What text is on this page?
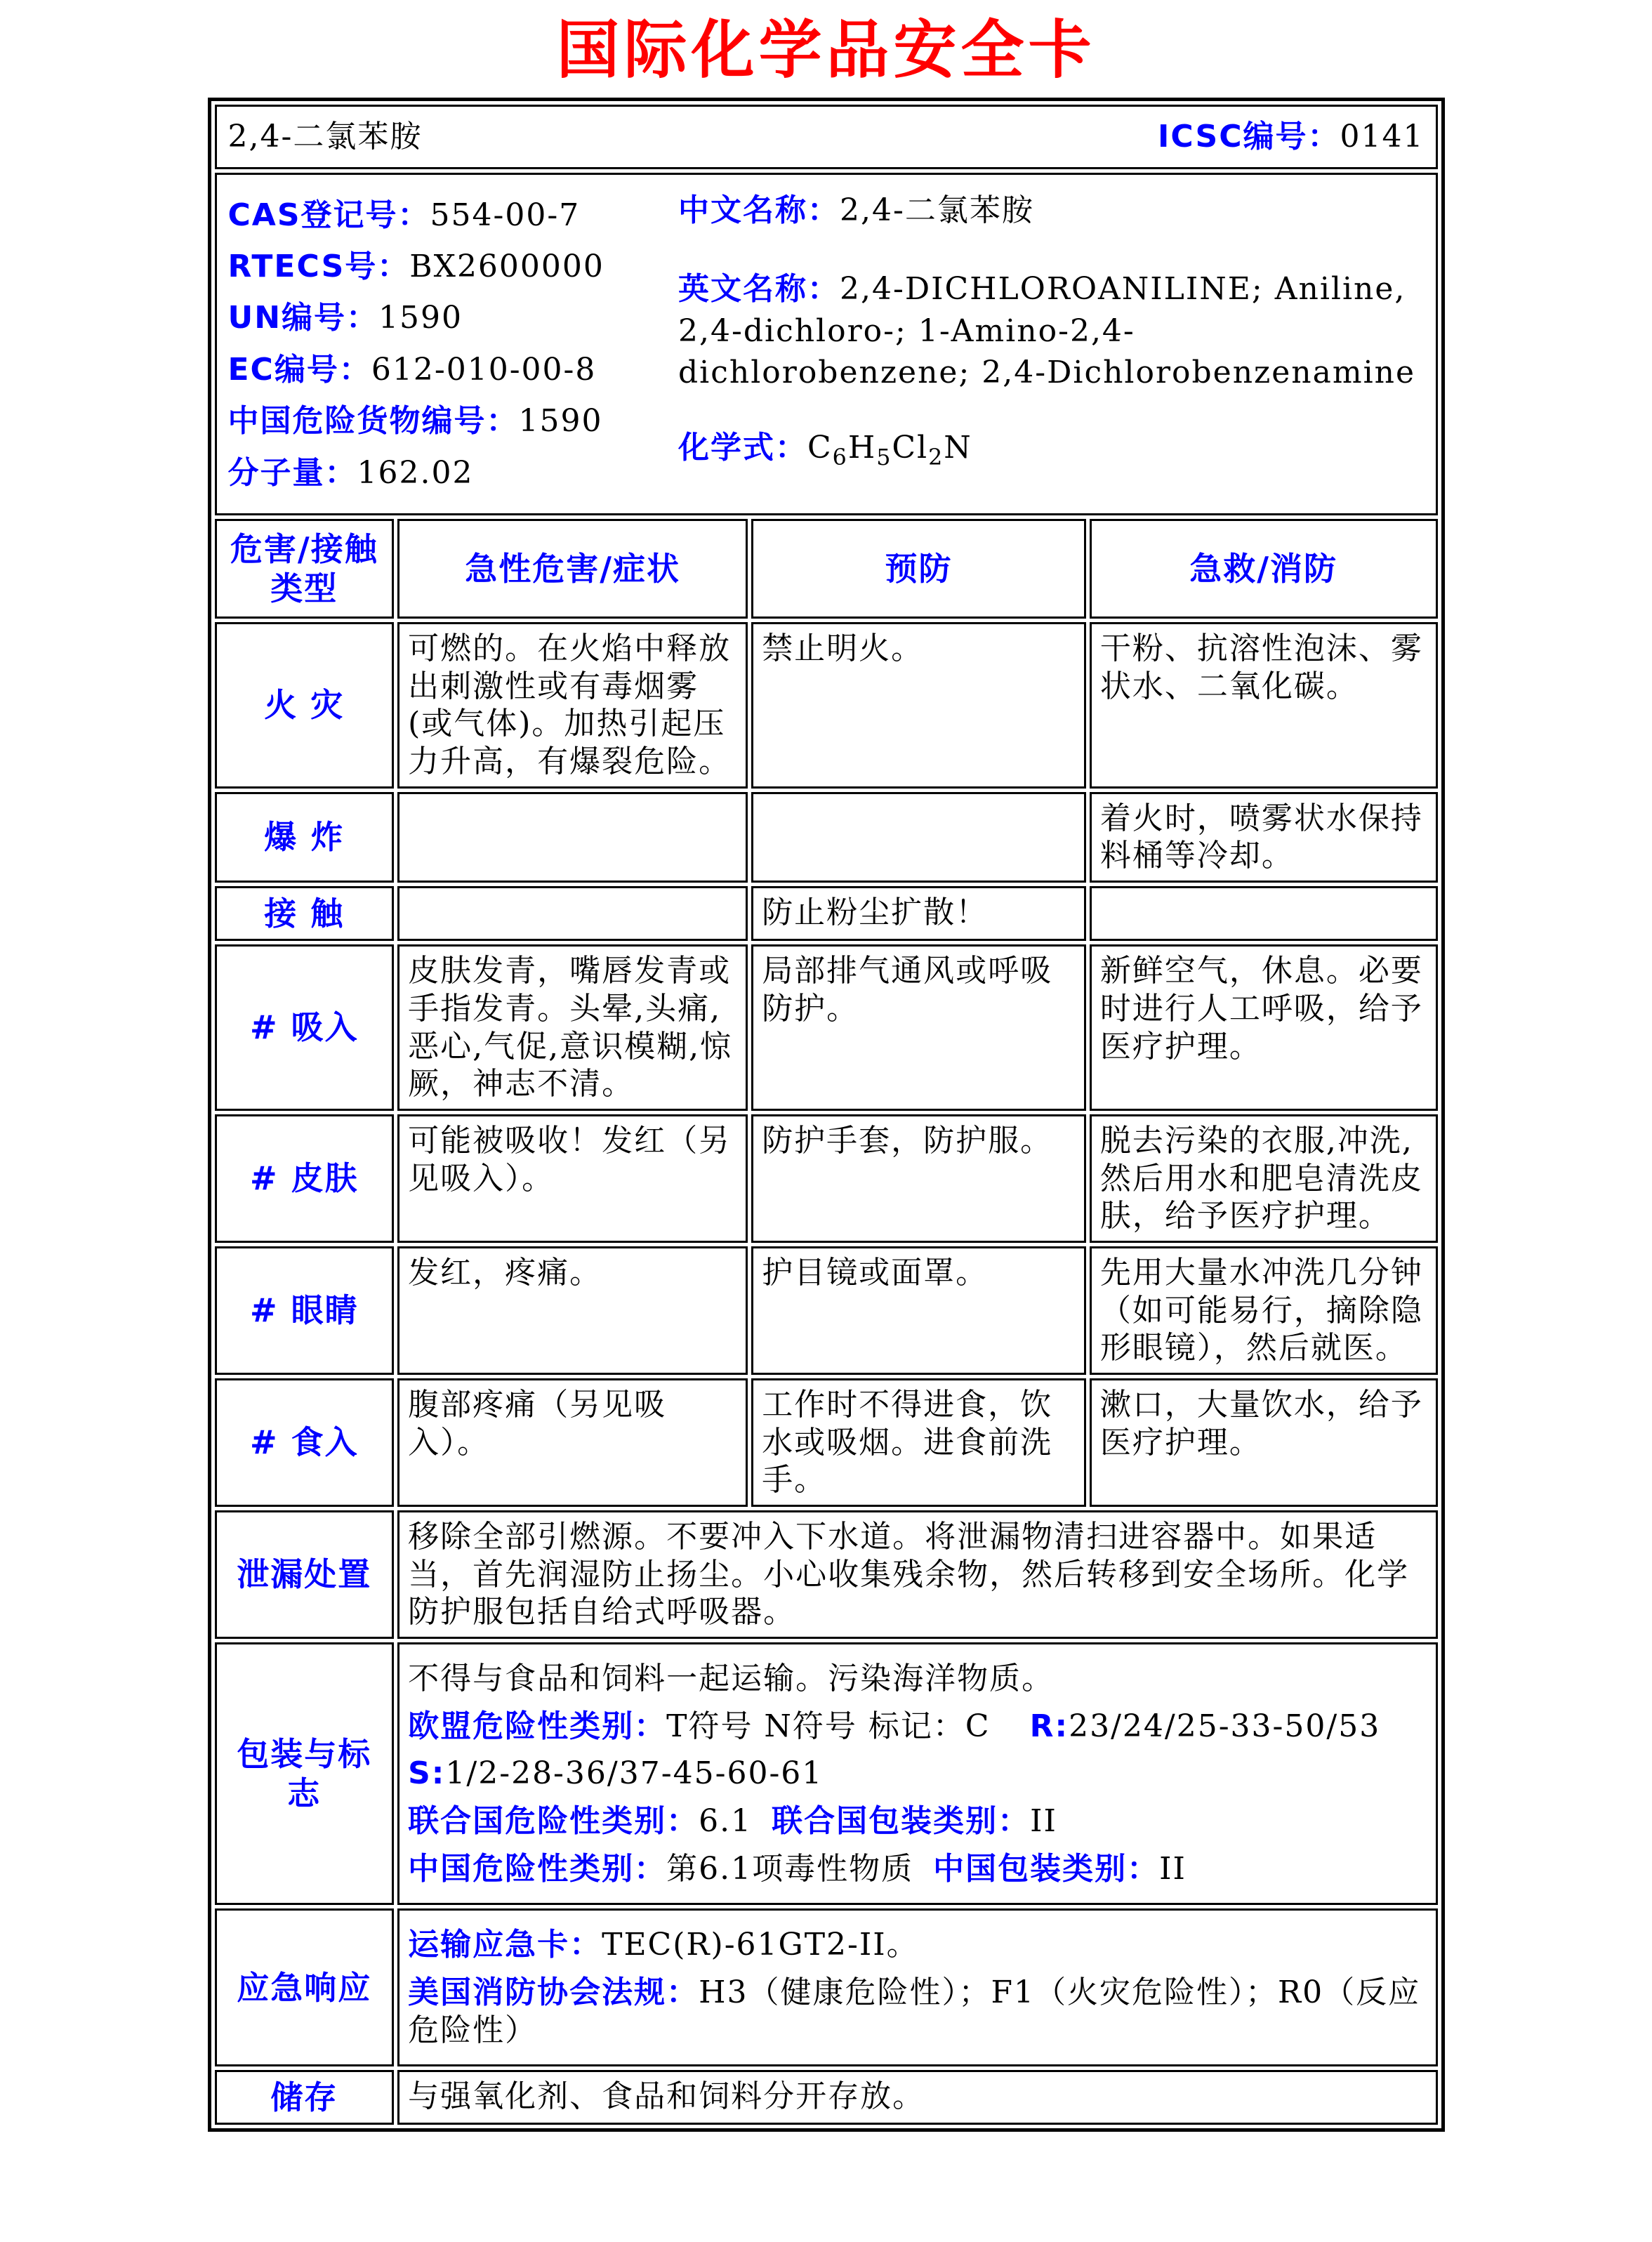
国际化学品安全卡
2,4-二氯苯胺 ICSC编号：0141			

CAS登记号：554-00-7
RTECS号：BX2600000
UN编号：1590
EC编号：612-010-00-8
中国危险货物编号：1590
分子量：162.02
中文名称：2,4-二氯苯胺
英文名称：2,4-DICHLOROANILINE; Aniline, 2,4-dichloro-; 1-Amino-2,4-dichlorobenzene; 2,4-Dichlorobenzenamine
化学式：$C_6H_5Cl_2N$

危害/接触类型	急性危害/症状	预防	急救/消防
火 灾	可燃的。在火焰中释放出刺激性或有毒烟雾(或气体)。加热引起压力升高，有爆裂危险。	禁止明火。	干粉、抗溶性泡沫、雾状水、二氧化碳。
爆 炸			着火时，喷雾状水保持料桶等冷却。
接 触		防止粉尘扩散！	
# 吸入	皮肤发青，嘴唇发青或手指发青。头晕,头痛,恶心,气促,意识模糊,惊厥，神志不清。	局部排气通风或呼吸防护。	新鲜空气，休息。必要时进行人工呼吸，给予医疗护理。
# 皮肤	可能被吸收！发红（另见吸入）。	防护手套，防护服。	脱去污染的衣服,冲洗,然后用水和肥皂清洗皮肤，给予医疗护理。
# 眼睛	发红，疼痛。	护目镜或面罩。	先用大量水冲洗几分钟（如可能易行，摘除隐形眼镜），然后就医。
# 食入	腹部疼痛（另见吸入）。	工作时不得进食，饮水或吸烟。进食前洗手。	漱口，大量饮水，给予医疗护理。
泄漏处置	移除全部引燃源。不要冲入下水道。将泄漏物清扫进容器中。如果适当，首先润湿防止扬尘。小心收集残余物，然后转移到安全场所。化学防护服包括自给式呼吸器。		
包装与标志	不得与食品和饲料一起运输。污染海洋物质。
欧盟危险性类别：T符号 N符号 标记：C R:23/24/25-33-50/53
S:1/2-28-36/37-45-60-61
联合国危险性类别：6.1 联合国包装类别：II
中国危险性类别：第6.1项毒性物质 中国包装类别：II		

应急响应	运输应急卡：TEC(R)-61GT2-II。
美国消防协会法规：H3（健康危险性）；F1（火灾危险性）；R0（反应危险性）		

储存	与强氧化剂、食品和饲料分开存放。		
